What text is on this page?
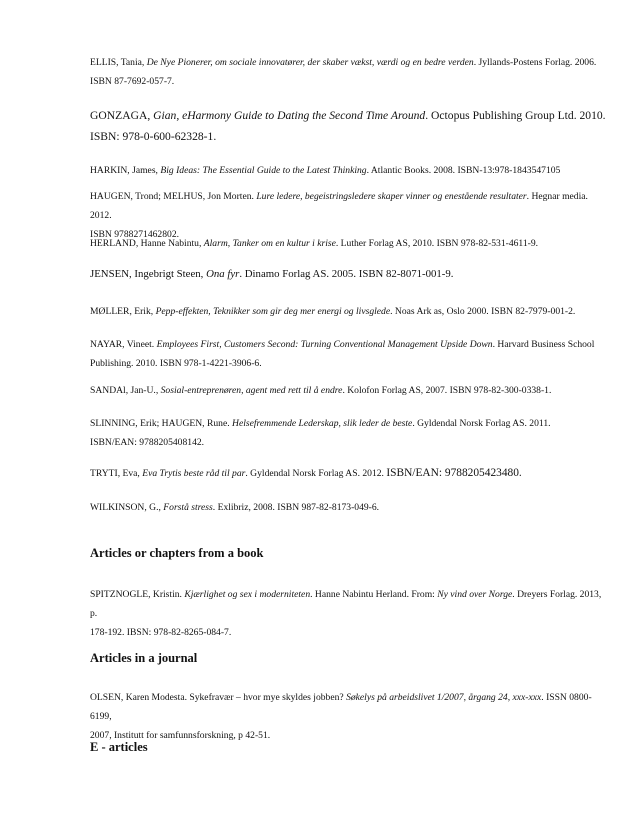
ELLIS, Tania, De Nye Pionerer, om sociale innovatører, der skaber vækst, værdi og en bedre verden. Jyllands-Postens Forlag. 2006.
ISBN 87-7692-057-7.
GONZAGA, Gian, eHarmony Guide to Dating the Second Time Around. Octopus Publishing Group Ltd. 2010.
ISBN: 978-0-600-62328-1.
HARKIN, James, Big Ideas: The Essential Guide to the Latest Thinking. Atlantic Books. 2008. ISBN-13:978-1843547105
HAUGEN, Trond; MELHUS, Jon Morten. Lure ledere, begeistringsledere skaper vinner og enestående resultater. Hegnar media. 2012.
ISBN 9788271462802.
HERLAND, Hanne Nabintu, Alarm, Tanker om en kultur i krise. Luther Forlag AS, 2010. ISBN 978-82-531-4611-9.
JENSEN, Ingebrigt Steen, Ona fyr. Dinamo Forlag AS. 2005. ISBN 82-8071-001-9.
MØLLER, Erik, Pepp-effekten, Teknikker som gir deg mer energi og livsglede. Noas Ark as, Oslo 2000. ISBN 82-7979-001-2.
NAYAR, Vineet. Employees First, Customers Second: Turning Conventional Management Upside Down. Harvard Business School
Publishing. 2010. ISBN 978-1-4221-3906-6.
SANDAl, Jan-U., Sosial-entreprenøren, agent med rett til å endre. Kolofon Forlag AS, 2007. ISBN 978-82-300-0338-1.
SLINNING, Erik; HAUGEN, Rune. Helsefremmende Lederskap, slik leder de beste. Gyldendal Norsk Forlag AS. 2011.
ISBN/EAN: 9788205408142.
TRYTI, Eva, Eva Trytis beste råd til par. Gyldendal Norsk Forlag AS. 2012. ISBN/EAN: 9788205423480.
WILKINSON, G., Forstå stress. Exlibriz, 2008. ISBN 987-82-8173-049-6.
Articles or chapters from a book
SPITZNOGLE, Kristin. Kjærlighet og sex i moderniteten. Hanne Nabintu Herland. From: Ny vind over Norge. Dreyers Forlag. 2013, p.
178-192. IBSN: 978-82-8265-084-7.
Articles in a journal
OLSEN, Karen Modesta. Sykefravær – hvor mye skyldes jobben? Søkelys på arbeidslivet 1/2007, årgang 24, xxx-xxx. ISSN 0800-6199,
2007, Institutt for samfunnsforskning, p 42-51.
E - articles
